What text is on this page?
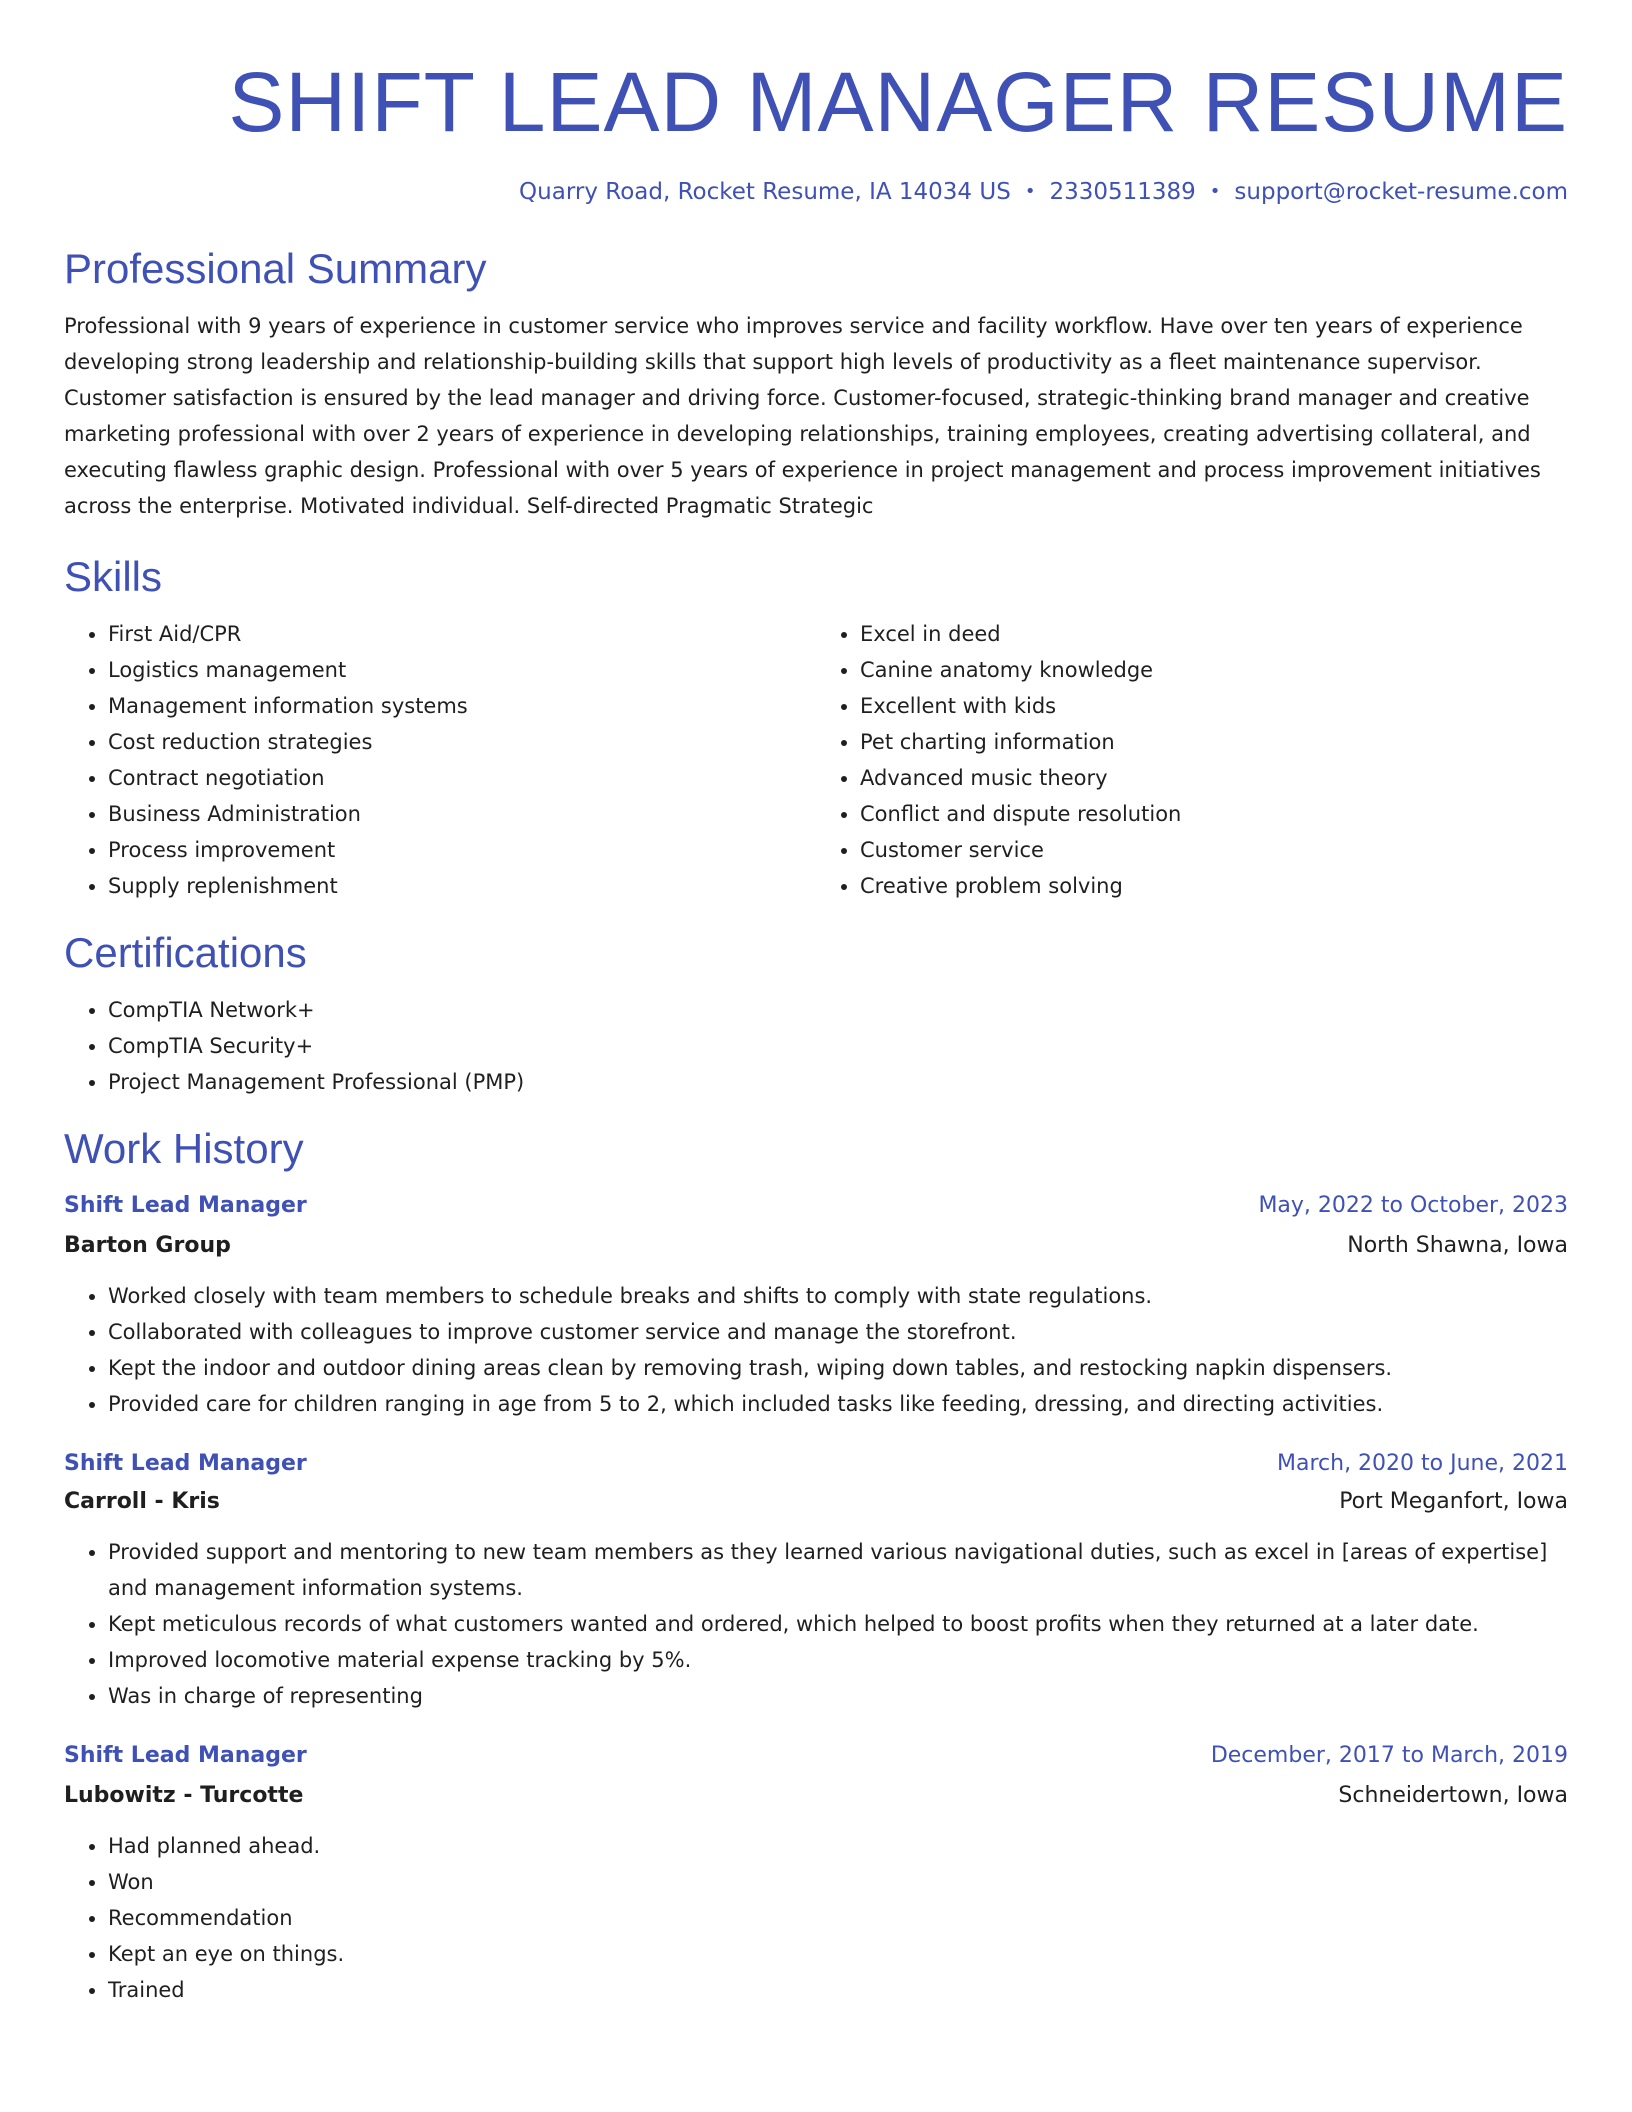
SHIFT LEAD MANAGER RESUME
Quarry Road, Rocket Resume, IA 14034 US • 2330511389 • support@rocket-resume.com
Professional Summary

Professional with 9 years of experience in customer service who improves service and facility workflow. Have over ten years of experience developing strong leadership and relationship-building skills that support high levels of productivity as a fleet maintenance supervisor. Customer satisfaction is ensured by the lead manager and driving force. Customer-focused, strategic-thinking brand manager and creative marketing professional with over 2 years of experience in developing relationships, training employees, creating advertising collateral, and executing flawless graphic design. Professional with over 5 years of experience in project management and process improvement initiatives across the enterprise. Motivated individual. Self-directed Pragmatic Strategic

Skills
• First Aid/CPR
• Logistics management
• Management information systems
• Cost reduction strategies
• Contract negotiation
• Business Administration
• Process improvement
• Supply replenishment
• Excel in deed
• Canine anatomy knowledge
• Excellent with kids
• Pet charting information
• Advanced music theory
• Conflict and dispute resolution
• Customer service
• Creative problem solving
Certifications
• CompTIA Network+
• CompTIA Security+
• Project Management Professional (PMP)
Work History
Shift Lead Manager	May, 2022 to October, 2023
Barton Group	North Shawna, Iowa
• Worked closely with team members to schedule breaks and shifts to comply with state regulations.
• Collaborated with colleagues to improve customer service and manage the storefront.
• Kept the indoor and outdoor dining areas clean by removing trash, wiping down tables, and restocking napkin dispensers.
• Provided care for children ranging in age from 5 to 2, which included tasks like feeding, dressing, and directing activities.
Shift Lead Manager	March, 2020 to June, 2021
Carroll - Kris	Port Meganfort, Iowa
• Provided support and mentoring to new team members as they learned various navigational duties, such as excel in [areas of expertise] and management information systems.
• Kept meticulous records of what customers wanted and ordered, which helped to boost profits when they returned at a later date.
• Improved locomotive material expense tracking by 5%.
• Was in charge of representing
Shift Lead Manager	December, 2017 to March, 2019
Lubowitz - Turcotte	Schneidertown, Iowa
• Had planned ahead.
• Won
• Recommendation
• Kept an eye on things.
• Trained
